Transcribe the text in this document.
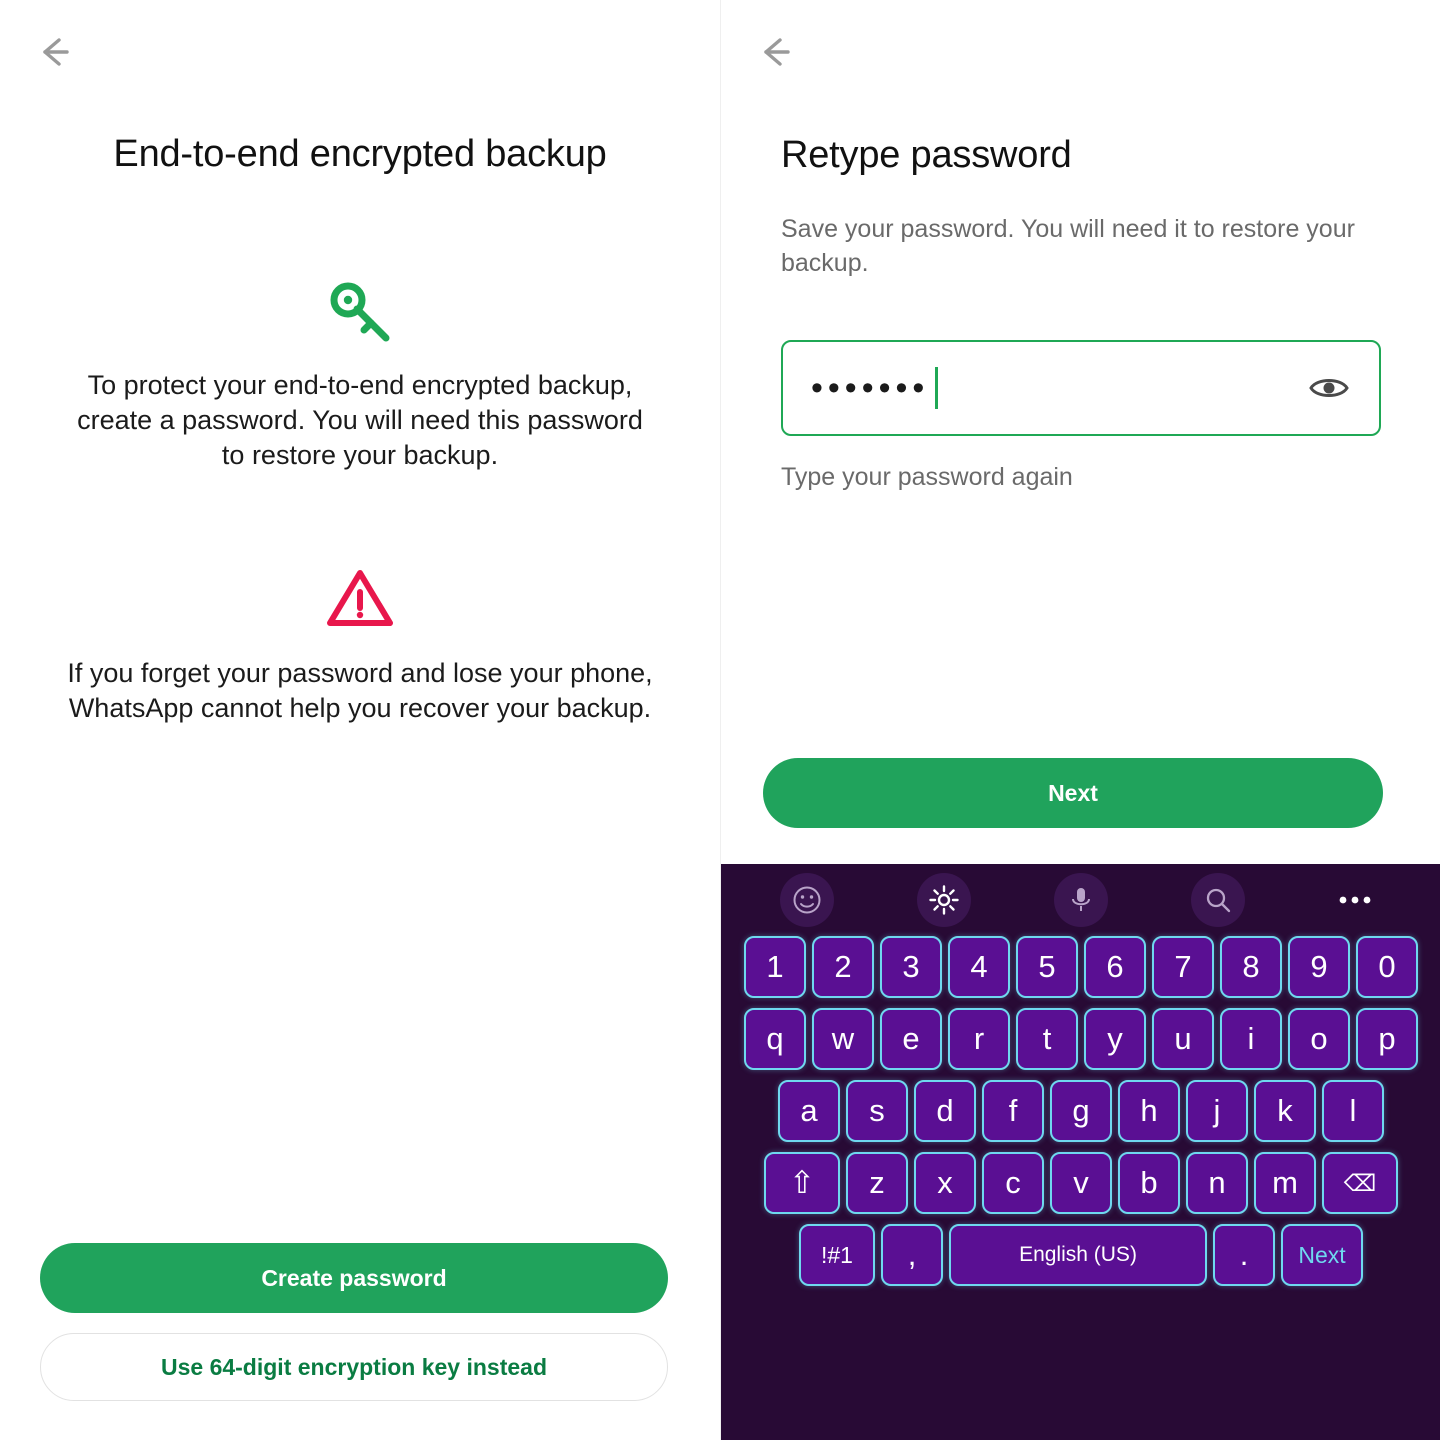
End-to-end encrypted backup
To protect your end-to-end encrypted backup, create a password. You will need this password to restore your backup.
If you forget your password and lose your phone, WhatsApp cannot help you recover your backup.
Create password
Use 64-digit encryption key instead
Retype password
Save your password. You will need it to restore your backup.
•••••••
Type your password again
Next
1	2	3	4	5	6	7	8	9	0
q	w	e	r	t	y	u	i	o	p
a	s	d	f	g	h	j	k	l
⇧	z	x	c	v	b	n	m	⌫
!#1	,	English (US)	.	Next
